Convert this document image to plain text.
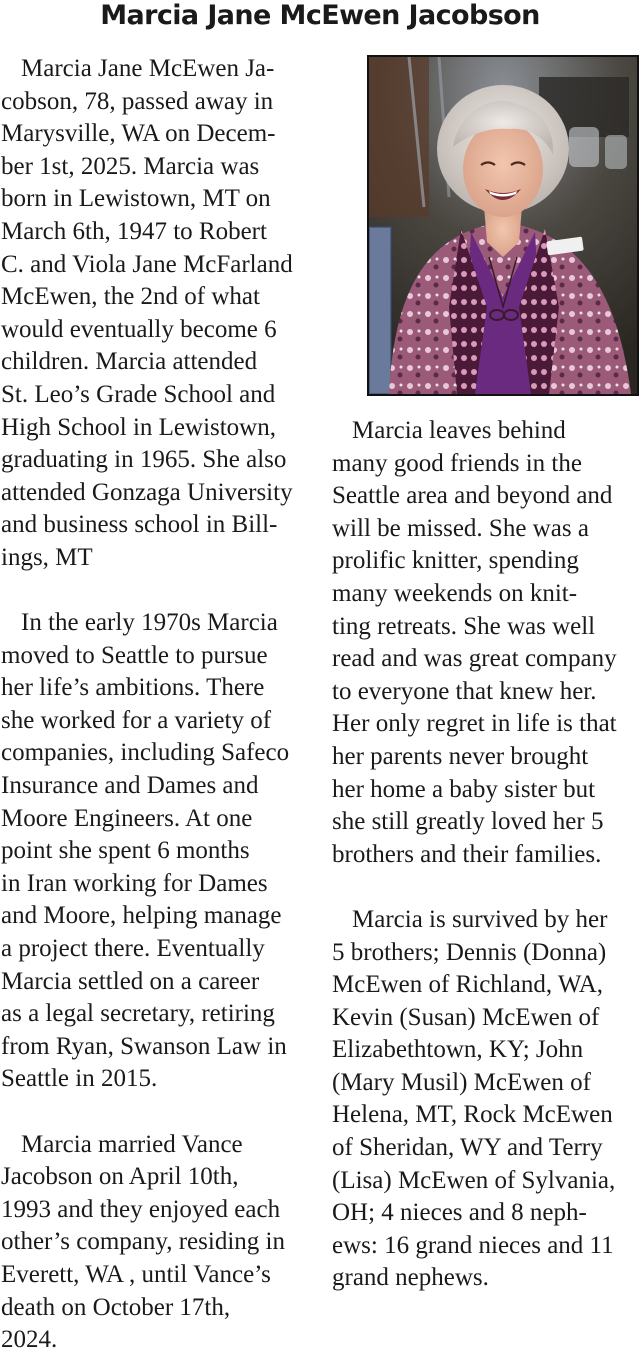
Marcia Jane McEwen Jacobson
Marcia Jane McEwen Ja-
cobson, 78, passed away in
Marysville, WA on Decem-
ber 1st, 2025. Marcia was
born in Lewistown, MT on
March 6th, 1947 to Robert
C. and Viola Jane McFarland
McEwen, the 2nd of what
would eventually become 6
children. Marcia attended
St. Leo’s Grade School and
High School in Lewistown,
graduating in 1965. She also
attended Gonzaga University
and business school in Bill-
ings, MT
In the early 1970s Marcia
moved to Seattle to pursue
her life’s ambitions. There
she worked for a variety of
companies, including Safeco
Insurance and Dames and
Moore Engineers. At one
point she spent 6 months
in Iran working for Dames
and Moore, helping manage
a project there. Eventually
Marcia settled on a career
as a legal secretary, retiring
from Ryan, Swanson Law in
Seattle in 2015.
Marcia married Vance
Jacobson on April 10th,
1993 and they enjoyed each
other’s company, residing in
Everett, WA , until Vance’s
death on October 17th,
2024.
Marcia leaves behind
many good friends in the
Seattle area and beyond and
will be missed. She was a
prolific knitter, spending
many weekends on knit-
ting retreats. She was well
read and was great company
to everyone that knew her.
Her only regret in life is that
her parents never brought
her home a baby sister but
she still greatly loved her 5
brothers and their families.
Marcia is survived by her
5 brothers; Dennis (Donna)
McEwen of Richland, WA,
Kevin (Susan) McEwen of
Elizabethtown, KY; John
(Mary Musil) McEwen of
Helena, MT, Rock McEwen
of Sheridan, WY and Terry
(Lisa) McEwen of Sylvania,
OH; 4 nieces and 8 neph-
ews: 16 grand nieces and 11
grand nephews.
